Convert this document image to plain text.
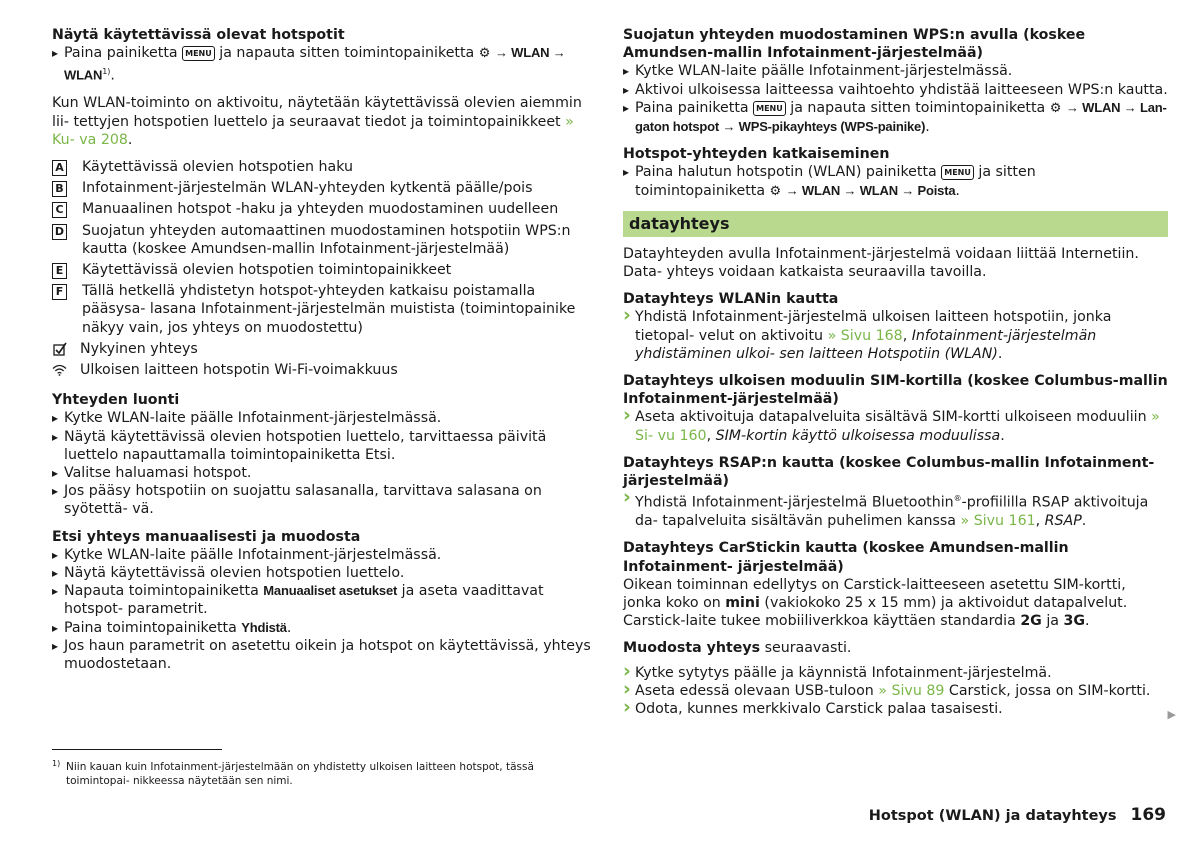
Näytä käytettävissä olevat hotspotit

▸ Paina painiketta MENU ja napauta sitten toimintopainiketta ⚙ → WLAN → $WLAN^{1)}$.

Kun WLAN-toiminto on aktivoitu, näytetään käytettävissä olevien aiemmin lii- tettyjen hotspotien luettelo ja seuraavat tiedot ja toimintopainikkeet » Ku- va 208.

A Käytettävissä olevien hotspotien haku
B Infotainment-järjestelmän WLAN-yhteyden kytkentä päälle/pois
C Manuaalinen hotspot -haku ja yhteyden muodostaminen uudelleen
D Suojatun yhteyden automaattinen muodostaminen hotspotiin WPS:n kautta (koskee Amundsen-mallin Infotainment-järjestelmää)
E Käytettävissä olevien hotspotien toimintopainikkeet
F Tällä hetkellä yhdistetyn hotspot-yhteyden katkaisu poistamalla pääsysa- lasana Infotainment-järjestelmän muistista (toimintopainike näkyy vain, jos yhteys on muodostettu)
Nykyinen yhteys
Ulkoisen laitteen hotspotin Wi-Fi-voimakkuus

Yhteyden luonti

▸ Kytke WLAN-laite päälle Infotainment-järjestelmässä.

▸ Näytä käytettävissä olevien hotspotien luettelo, tarvittaessa päivitä luettelo napauttamalla toimintopainiketta Etsi.

▸ Valitse haluamasi hotspot.

▸ Jos pääsy hotspotiin on suojattu salasanalla, tarvittava salasana on syötettä- vä.

Etsi yhteys manuaalisesti ja muodosta

▸ Kytke WLAN-laite päälle Infotainment-järjestelmässä.

▸ Näytä käytettävissä olevien hotspotien luettelo.

▸ Napauta toimintopainiketta Manuaaliset asetukset ja aseta vaadittavat hotspot- parametrit.

▸ Paina toimintopainiketta Yhdistä.

▸ Jos haun parametrit on asetettu oikein ja hotspot on käytettävissä, yhteys muodostetaan.

Suojatun yhteyden muodostaminen WPS:n avulla (koskee Amundsen-mallin Infotainment-järjestelmää)

▸ Kytke WLAN-laite päälle Infotainment-järjestelmässä.

▸ Aktivoi ulkoisessa laitteessa vaihtoehto yhdistää laitteeseen WPS:n kautta.

▸ Paina painiketta MENU ja napauta sitten toimintopainiketta ⚙ → WLAN → Lan- gaton hotspot → WPS-pikayhteys (WPS-painike).

Hotspot-yhteyden katkaiseminen

▸ Paina halutun hotspotin (WLAN) painiketta MENU ja sitten toimintopainiketta ⚙ → WLAN → WLAN → Poista.

datayhteys

Datayhteyden avulla Infotainment-järjestelmä voidaan liittää Internetiin. Data- yhteys voidaan katkaista seuraavilla tavoilla.

Datayhteys WLANin kautta

› Yhdistä Infotainment-järjestelmä ulkoisen laitteen hotspotiin, jonka tietopal- velut on aktivoitu » Sivu 168, Infotainment-järjestelmän yhdistäminen ulkoi- sen laitteen Hotspotiin (WLAN).

Datayhteys ulkoisen moduulin SIM-kortilla (koskee Columbus-mallin Infotainment-järjestelmää)

› Aseta aktivoituja datapalveluita sisältävä SIM-kortti ulkoiseen moduuliin » Si- vu 160, SIM-kortin käyttö ulkoisessa moduulissa.

Datayhteys RSAP:n kautta (koskee Columbus-mallin Infotainment- järjestelmää)

› Yhdistä Infotainment-järjestelmä Bluetoothin®-profiililla RSAP aktivoituja da- tapalveluita sisältävän puhelimen kanssa » Sivu 161, RSAP.

Datayhteys CarStickin kautta (koskee Amundsen-mallin Infotainment- järjestelmää)

Oikean toiminnan edellytys on Carstick-laitteeseen asetettu SIM-kortti, jonka koko on mini (vakiokoko 25 x 15 mm) ja aktivoidut datapalvelut. Carstick-laite tukee mobiiliverkkoa käyttäen standardia 2G ja 3G.

Muodosta yhteys seuraavasti.

› Kytke sytytys päälle ja käynnistä Infotainment-järjestelmä.

› Aseta edessä olevaan USB-tuloon » Sivu 89 Carstick, jossa on SIM-kortti.

› Odota, kunnes merkkivalo Carstick palaa tasaisesti.	▶
1) Niin kauan kuin Infotainment-järjestelmään on yhdistetty ulkoisen laitteen hotspot, tässä toimintopai- nikkeessa näytetään sen nimi.
Hotspot (WLAN) ja datayhteys 169
